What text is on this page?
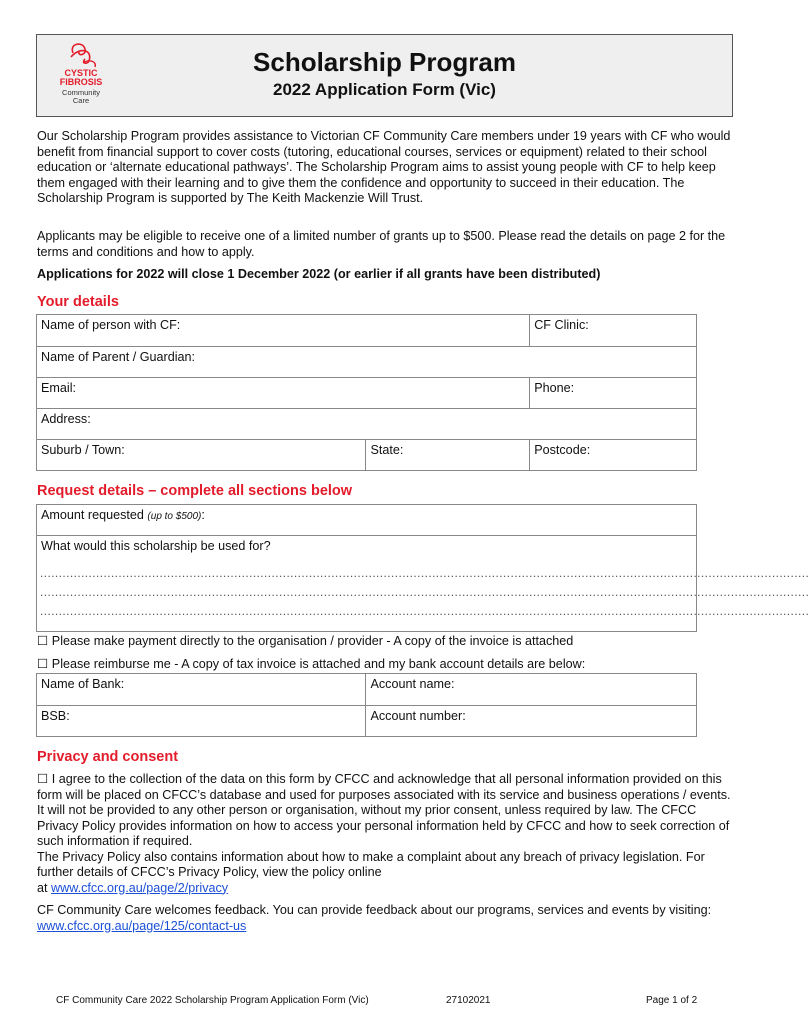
CYSTIC
FIBROSIS
Community
Care
Scholarship Program
2022 Application Form (Vic)
Our Scholarship Program provides assistance to Victorian CF Community Care members under 19 years with CF who would benefit from financial support to cover costs (tutoring, educational courses, services or equipment) related to their school education or ‘alternate educational pathways’. The Scholarship Program aims to assist young people with CF to help keep them engaged with their learning and to give them the confidence and opportunity to succeed in their education. The Scholarship Program is supported by The Keith Mackenzie Will Trust.
Applicants may be eligible to receive one of a limited number of grants up to $500. Please read the details on page 2 for the terms and conditions and how to apply.
Applications for 2022 will close 1 December 2022 (or earlier if all grants have been distributed)
Your details
Name of person with CF:	CF Clinic:
Name of Parent / Guardian:	
Email:	Phone:
Address:	
Suburb / Town:	State:	Postcode:
Request details – complete all sections below
Amount requested (up to $500):
What would this scholarship be used for?
..............................................................................................................................................................................................................
..............................................................................................................................................................................................................
..............................................................................................................................................................................................................
☐ Please make payment directly to the organisation / provider - A copy of the invoice is attached
☐ Please reimburse me - A copy of tax invoice is attached and my bank account details are below:
Name of Bank:	Account name:
BSB:	Account number:
Privacy and consent
☐ I agree to the collection of the data on this form by CFCC and acknowledge that all personal information provided on this form will be placed on CFCC’s database and used for purposes associated with its service and business operations / events. It will not be provided to any other person or organisation, without my prior consent, unless required by law. The CFCC Privacy Policy provides information on how to access your personal information held by CFCC and how to seek correction of such information if required.
The Privacy Policy also contains information about how to make a complaint about any breach of privacy legislation. For further details of CFCC’s Privacy Policy, view the policy online
at www.cfcc.org.au/page/2/privacy
CF Community Care welcomes feedback. You can provide feedback about our programs, services and events by visiting: www.cfcc.org.au/page/125/contact-us
CF Community Care 2022 Scholarship Program Application Form (Vic)	27102021	Page 1 of 2
